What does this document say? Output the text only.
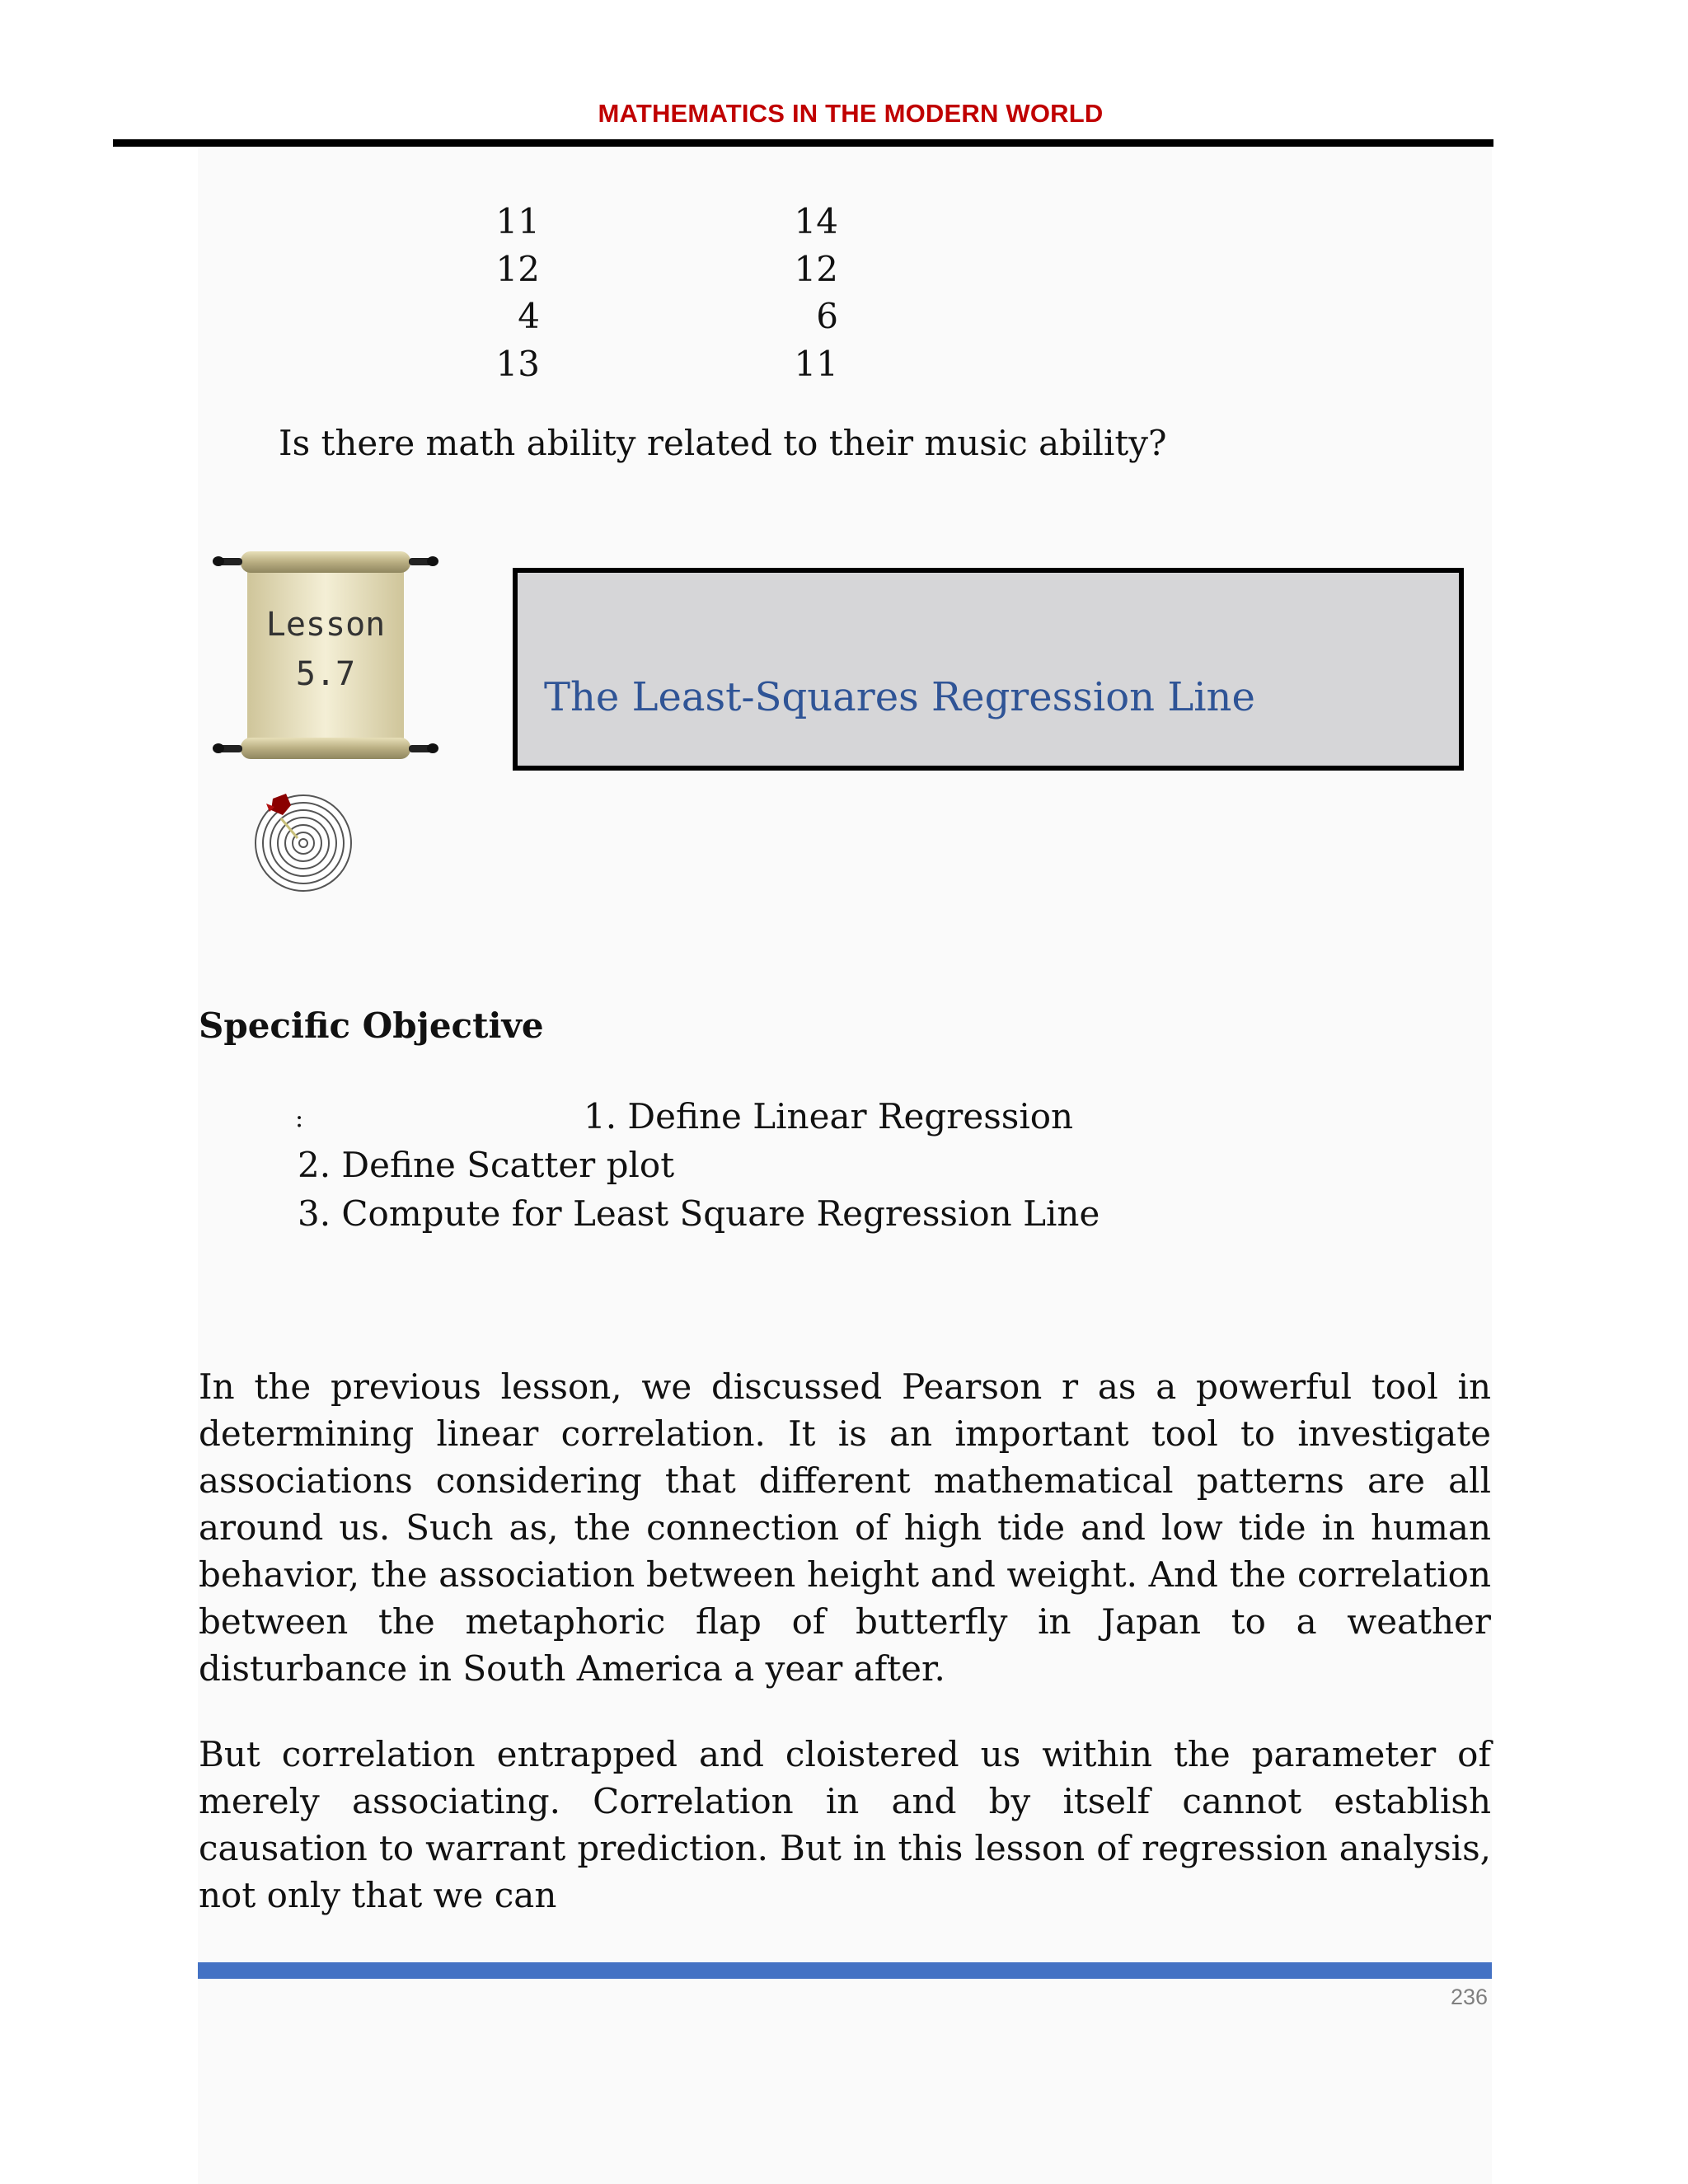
MATHEMATICS IN THE MODERN WORLD
11	14
12	12
4	6
13	11
Is there math ability related to their music ability?
Lesson
5.7	The Least-Squares Regression Line
Specific Objective
:	1. Define Linear Regression
2. Define Scatter plot
3. Compute for Least Square Regression Line

In the previous lesson, we discussed Pearson r as a powerful tool in determining linear correlation. It is an important tool to investigate associations considering that different mathematical patterns are all around us. Such as, the connection of high tide and low tide in human behavior, the association between height and weight. And the correlation between the metaphoric flap of butterfly in Japan to a weather disturbance in South America a year after.

But correlation entrapped and cloistered us within the parameter of merely associating. Correlation in and by itself cannot establish causation to warrant prediction. But in this lesson of regression analysis, not only that we can

236
